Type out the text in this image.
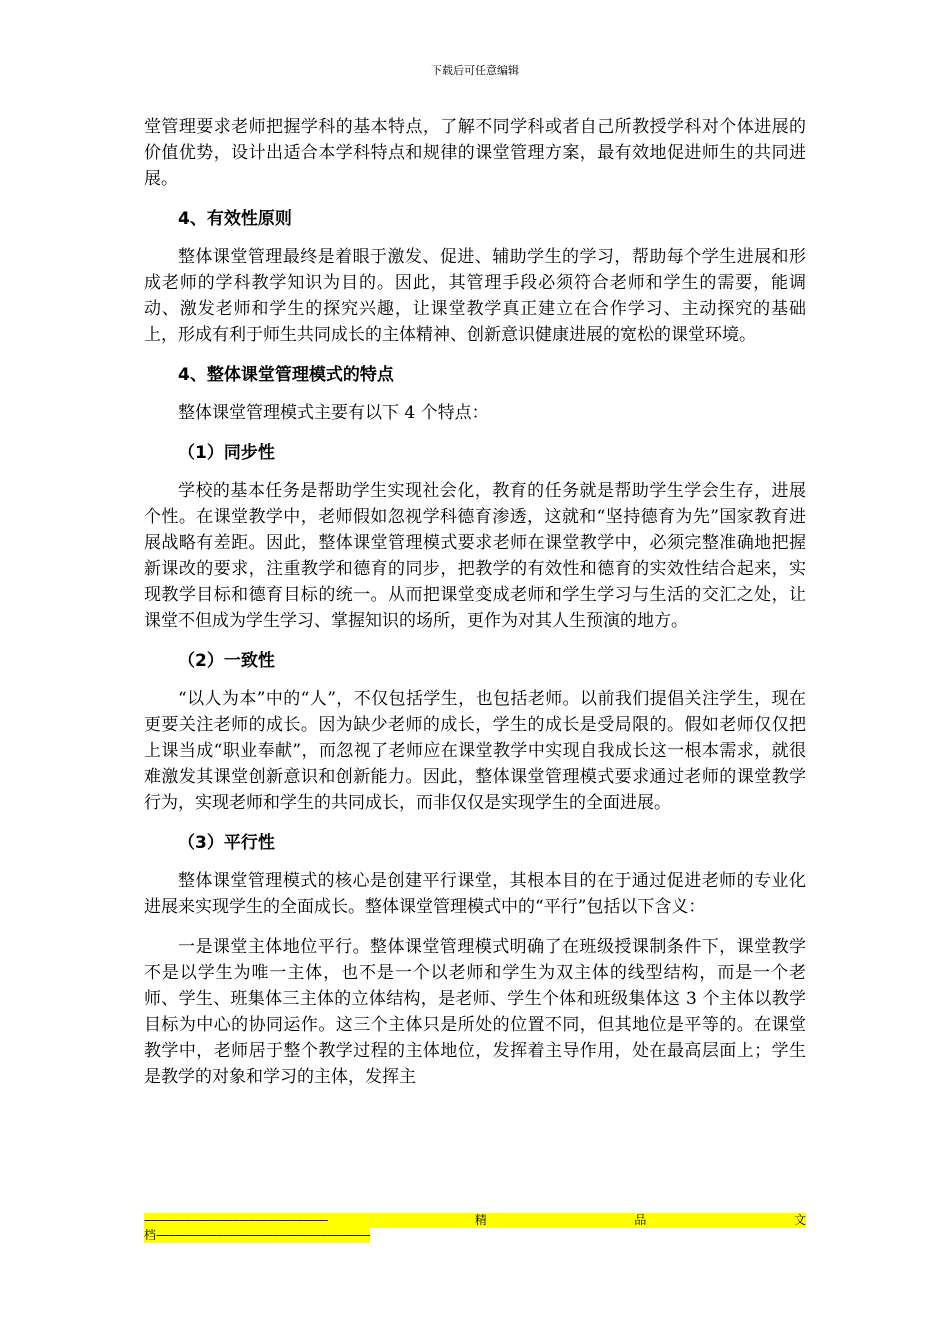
下载后可任意编辑

堂管理要求老师把握学科的基本特点，了解不同学科或者自己所教授学科对个体进展的价值优势，设计出适合本学科特点和规律的课堂管理方案，最有效地促进师生的共同进展。

4、有效性原则

整体课堂管理最终是着眼于激发、促进、辅助学生的学习，帮助每个学生进展和形成老师的学科教学知识为目的。因此，其管理手段必须符合老师和学生的需要，能调动、激发老师和学生的探究兴趣，让课堂教学真正建立在合作学习、主动探究的基础上，形成有利于师生共同成长的主体精神、创新意识健康进展的宽松的课堂环境。

4、整体课堂管理模式的特点

整体课堂管理模式主要有以下 4 个特点：

（1）同步性

学校的基本任务是帮助学生实现社会化，教育的任务就是帮助学生学会生存，进展个性。在课堂教学中，老师假如忽视学科德育渗透，这就和“坚持德育为先”国家教育进展战略有差距。因此，整体课堂管理模式要求老师在课堂教学中，必须完整准确地把握新课改的要求，注重教学和德育的同步，把教学的有效性和德育的实效性结合起来，实现教学目标和德育目标的统一。从而把课堂变成老师和学生学习与生活的交汇之处，让课堂不但成为学生学习、掌握知识的场所，更作为对其人生预演的地方。

（2）一致性

“以人为本”中的“人”，不仅包括学生，也包括老师。以前我们提倡关注学生，现在更要关注老师的成长。因为缺少老师的成长，学生的成长是受局限的。假如老师仅仅把上课当成“职业奉献”，而忽视了老师应在课堂教学中实现自我成长这一根本需求，就很难激发其课堂创新意识和创新能力。因此，整体课堂管理模式要求通过老师的课堂教学行为，实现老师和学生的共同成长，而非仅仅是实现学生的全面进展。

（3）平行性

整体课堂管理模式的核心是创建平行课堂，其根本目的在于通过促进老师的专业化进展来实现学生的全面成长。整体课堂管理模式中的“平行”包括以下含义：

一是课堂主体地位平行。整体课堂管理模式明确了在班级授课制条件下，课堂教学不是以学生为唯一主体，也不是一个以老师和学生为双主体的线型结构，而是一个老师、学生、班集体三主体的立体结构，是老师、学生个体和班级集体这 3 个主体以教学目标为中心的协同运作。这三个主体只是所处的位置不同，但其地位是平等的。在课堂教学中，老师居于整个教学过程的主体地位，发挥着主导作用，处在最高层面上；学生是教学的对象和学习的主体，发挥主

------------------------------------------------------------	精	品	文
档----------------------------------------------------------------------
